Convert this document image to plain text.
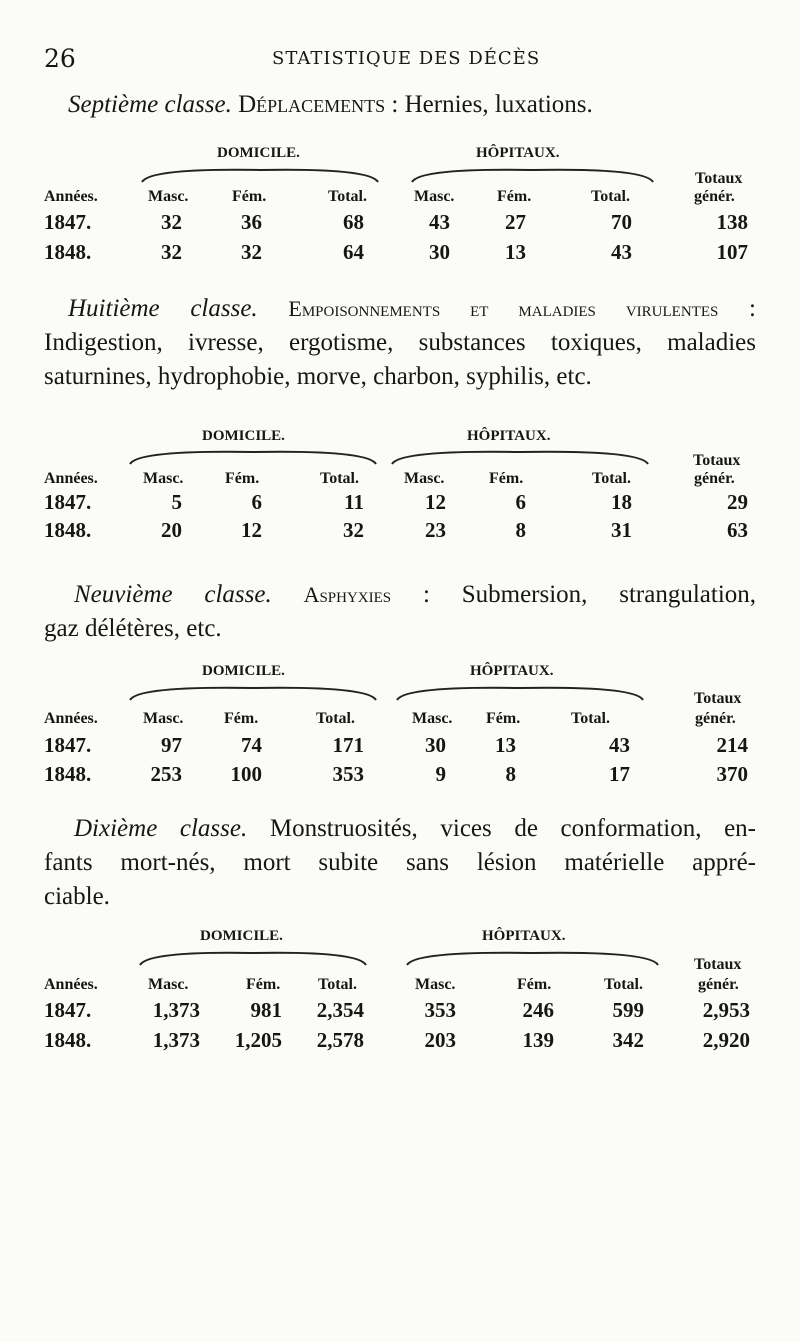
26	STATISTIQUE DES DÉCÈS

Septième classe. Déplacements : Hernies, luxations.
DOMICILE.	HÔPITAUX.
Totaux
Années.	Masc.	Fém.	Total.	Masc.	Fém.	Total.	génér.
1847.	32	36	68	43	27	70	138
1848.	32	32	64	30	13	43	107
Huitième classe. Empoisonnements et maladies virulentes :
Indigestion, ivresse, ergotisme, substances toxiques, maladies
saturnines, hydrophobie, morve, charbon, syphilis, etc.
DOMICILE.	HÔPITAUX.
Totaux
Années.	Masc.	Fém.	Total.	Masc.	Fém.	Total.	génér.
1847.	5	6	11	12	6	18	29
1848.	20	12	32	23	8	31	63
Neuvième classe. Asphyxies : Submersion, strangulation,
gaz délétères, etc.
DOMICILE.	HÔPITAUX.
Totaux
Années.	Masc.	Fém.	Total.	Masc. Fém.	Total.	génér.
1847.	97	74	171	30	13	43	214
1848.	253	100	353	9	8	17	370
Dixième classe. Monstruosités, vices de conformation, en-
fants mort-nés, mort subite sans lésion matérielle appré-
ciable.
DOMICILE.	HÔPITAUX.
Totaux
Années.	Masc.	Fém. Total.	Masc.	Fém.	Total.	génér.
1847.	1,373	981	2,354	353	246	599	2,953
1848.	1,373	1,205	2,578	203	139	342	2,920
